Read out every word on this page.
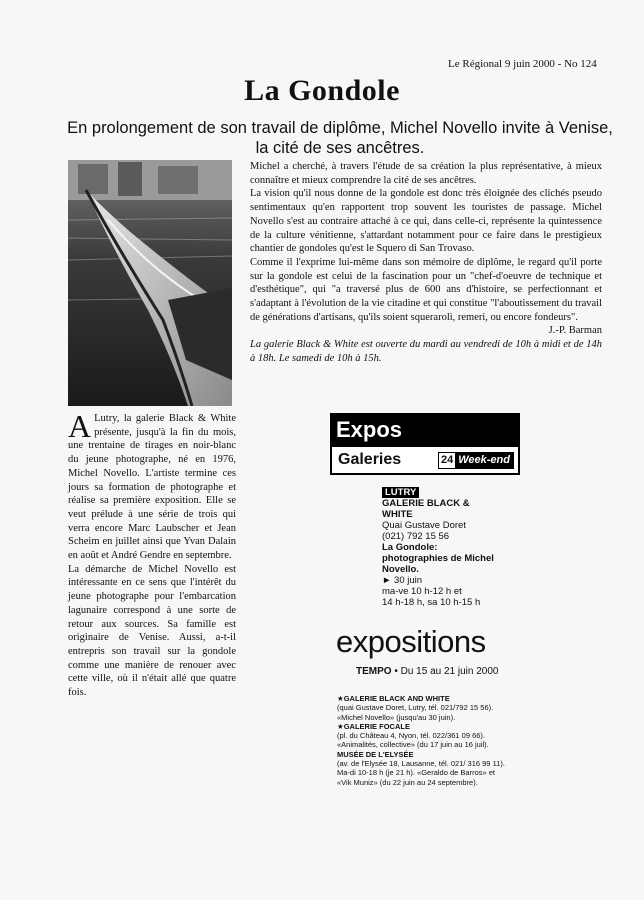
Le Régional 9 juin 2000 - No 124
La Gondole
En prolongement de son travail de diplôme, Michel Novello invite à Venise,
la cité de ses ancêtres.

Michel a cherché, à travers l'étude de sa création la plus représentative, à mieux connaître et mieux comprendre la cité de ses ancêtres.

La vision qu'il nous donne de la gondole est donc très éloignée des clichés pseudo sentimentaux qu'en rapportent trop souvent les touristes de passage. Michel Novello s'est au contraire attaché à ce qui, dans celle-ci, représente la quintessence de la culture vénitienne, s'attardant notamment pour ce faire dans le prestigieux chantier de gondoles qu'est le Squero di San Trovaso.

Comme il l'exprime lui-même dans son mémoire de diplôme, le regard qu'il porte sur la gondole est celui de la fascination pour un "chef-d'oeuvre de technique et d'esthétique", qui "a traversé plus de 600 ans d'histoire, se perfectionnant et s'adaptant à l'évolution de la vie citadine et qui constitue "l'aboutissement du travail de générations d'artisans, qu'ils soient squeraroli, remeri, ou encore fondeurs".

J.-P. Barman

La galerie Black & White est ouverte du mardi au vendredi de 10h à midi et de 14h à 18h. Le samedi de 10h à 15h.

A Lutry, la galerie Black & White présente, jusqu'à la fin du mois, une trentaine de tirages en noir-blanc du jeune photographe, né en 1976, Michel Novello. L'artiste termine ces jours sa formation de photographe et réalise sa première exposition. Elle se veut prélude à une série de trois qui verra encore Marc Laubscher et Jean Scheim en juillet ainsi que Yvan Dalain en août et André Gendre en septembre.

La démarche de Michel Novello est intéressante en ce sens que l'intérêt du jeune photographe pour l'embarcation lagunaire correspond à une sorte de retour aux sources. Sa famille est originaire de Venise. Aussi, a-t-il entrepris son travail sur la gondole comme une manière de renouer avec cette ville, où il n'était allé que quatre fois.

Expos
Galeries	24 Week-end
LUTRY
GALERIE BLACK & WHITE
Quai Gustave Doret
(021) 792 15 56
La Gondole: photographies de Michel Novello.
► 30 juin
ma-ve 10 h-12 h et
14 h-18 h, sa 10 h-15 h
expositions
TEMPO • Du 15 au 21 juin 2000
★GALERIE BLACK AND WHITE
(quai Gustave Doret, Lutry, tél. 021/792 15 56). «Michel Novello» (jusqu'au 30 juin).
★GALERIE FOCALE
(pl. du Château 4, Nyon, tél. 022/361 09 66). «Animalités, collective» (du 17 juin au 16 juil).
MUSÉE DE L'ELYSÉE
(av. de l'Elysée 18, Lausanne, tél. 021/ 316 99 11). Ma-di 10-18 h (je 21 h). «Geraldo de Barros» et «Vik Muniz» (du 22 juin au 24 septembre).
